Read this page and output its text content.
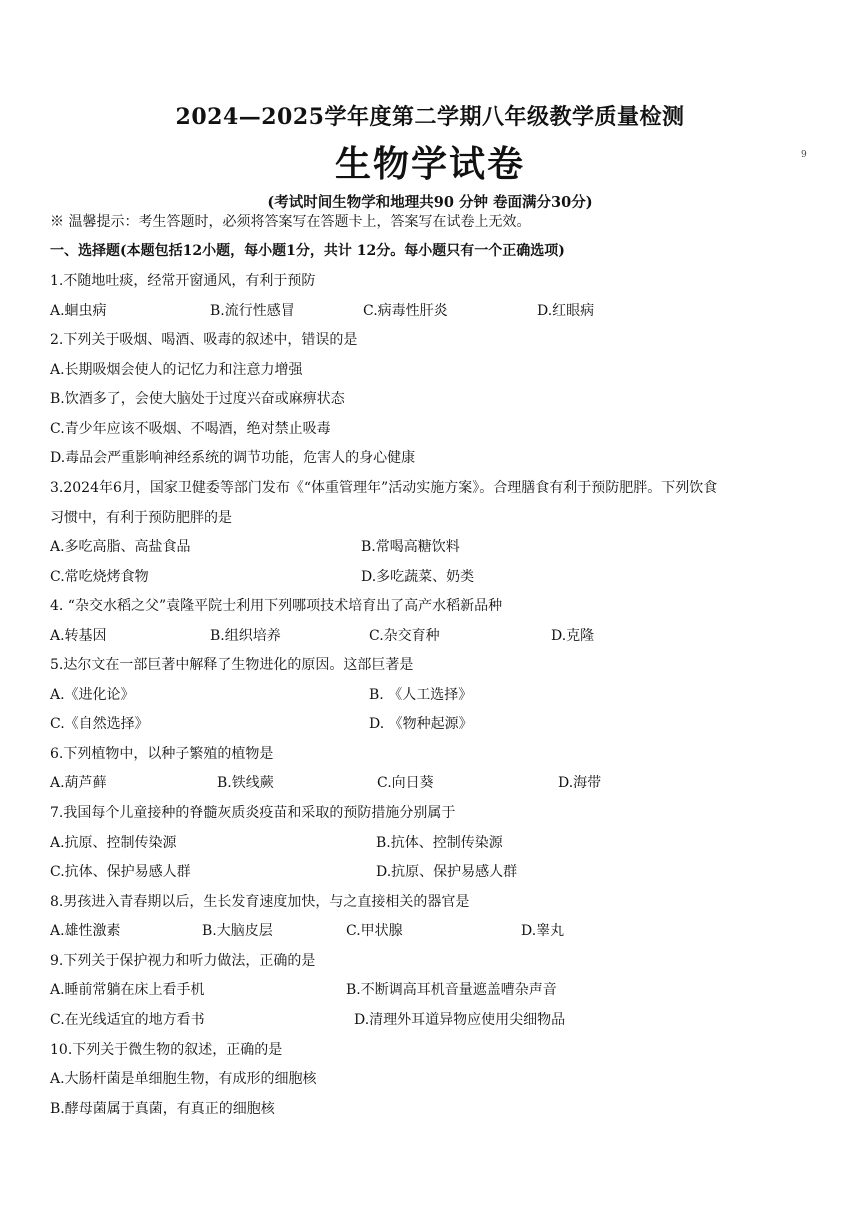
2024—2025学年度第二学期八年级教学质量检测
生物学试卷	9
(考试时间生物学和地理共90 分钟 卷面满分30分)
※ 温馨提示：考生答题时，必须将答案写在答题卡上，答案写在试卷上无效。
一、选择题(本题包括12小题，每小题1分，共计 12分。每小题只有一个正确选项)
1.不随地吐痰，经常开窗通风，有利于预防
A.蛔虫病	B.流行性感冒	C.病毒性肝炎	D.红眼病
2.下列关于吸烟、喝酒、吸毒的叙述中，错误的是
A.长期吸烟会使人的记忆力和注意力增强
B.饮酒多了，会使大脑处于过度兴奋或麻痹状态
C.青少年应该不吸烟、不喝酒，绝对禁止吸毒
D.毒品会严重影响神经系统的调节功能，危害人的身心健康
3.2024年6月，国家卫健委等部门发布《“体重管理年”活动实施方案》。合理膳食有利于预防肥胖。下列饮食
习惯中，有利于预防肥胖的是
A.多吃高脂、高盐食品	B.常喝高糖饮料
C.常吃烧烤食物	D.多吃蔬菜、奶类
4. “杂交水稻之父”袁隆平院士利用下列哪项技术培育出了高产水稻新品种
A.转基因	B.组织培养	C.杂交育种	D.克隆
5.达尔文在一部巨著中解释了生物进化的原因。这部巨著是
A.《进化论》	B. 《人工选择》
C.《自然选择》	D. 《物种起源》
6.下列植物中，以种子繁殖的植物是
A.葫芦藓	B.铁线蕨	C.向日葵	D.海带
7.我国每个儿童接种的脊髓灰质炎疫苗和采取的预防措施分别属于
A.抗原、控制传染源	B.抗体、控制传染源
C.抗体、保护易感人群	D.抗原、保护易感人群
8.男孩进入青春期以后，生长发育速度加快，与之直接相关的器官是
A.雄性激素	B.大脑皮层	C.甲状腺	D.睾丸
9.下列关于保护视力和听力做法，正确的是
A.睡前常躺在床上看手机	B.不断调高耳机音量遮盖嘈杂声音
C.在光线适宜的地方看书	D.清理外耳道异物应使用尖细物品
10.下列关于微生物的叙述，正确的是
A.大肠杆菌是单细胞生物，有成形的细胞核
B.酵母菌属于真菌，有真正的细胞核
